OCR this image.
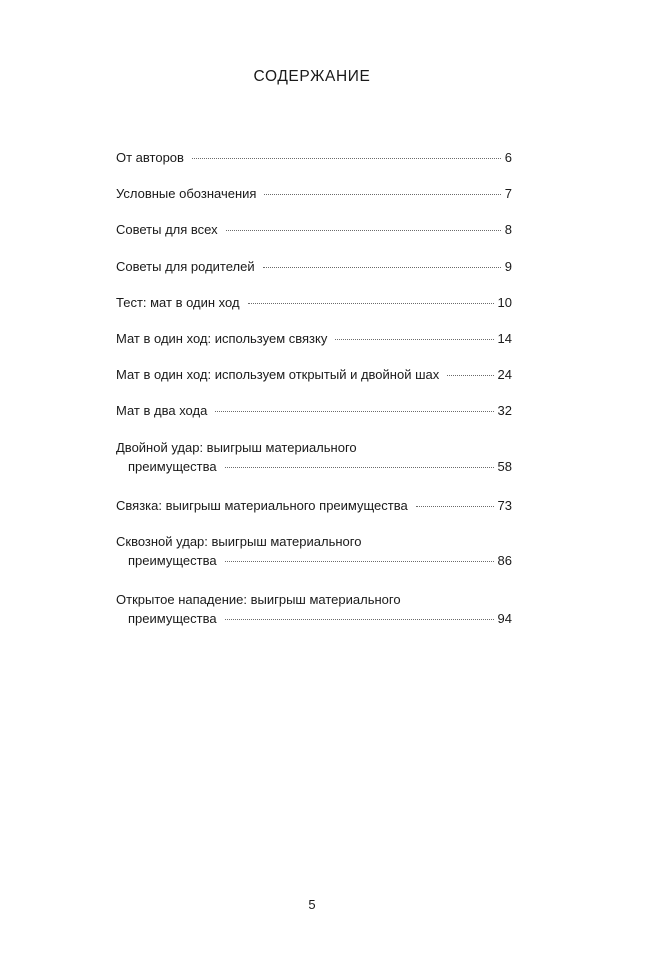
СОДЕРЖАНИЕ
От авторов	6
Условные обозначения	7
Советы для всех	8
Советы для родителей	9
Тест: мат в один ход	10
Мат в один ход: используем связку	14
Мат в один ход: используем открытый и двойной шах	24
Мат в два хода	32
Двойной удар: выигрыш материального
преимущества	58
Связка: выигрыш материального преимущества	73
Сквозной удар: выигрыш материального
преимущества	86
Открытое нападение: выигрыш материального
преимущества	94
5
